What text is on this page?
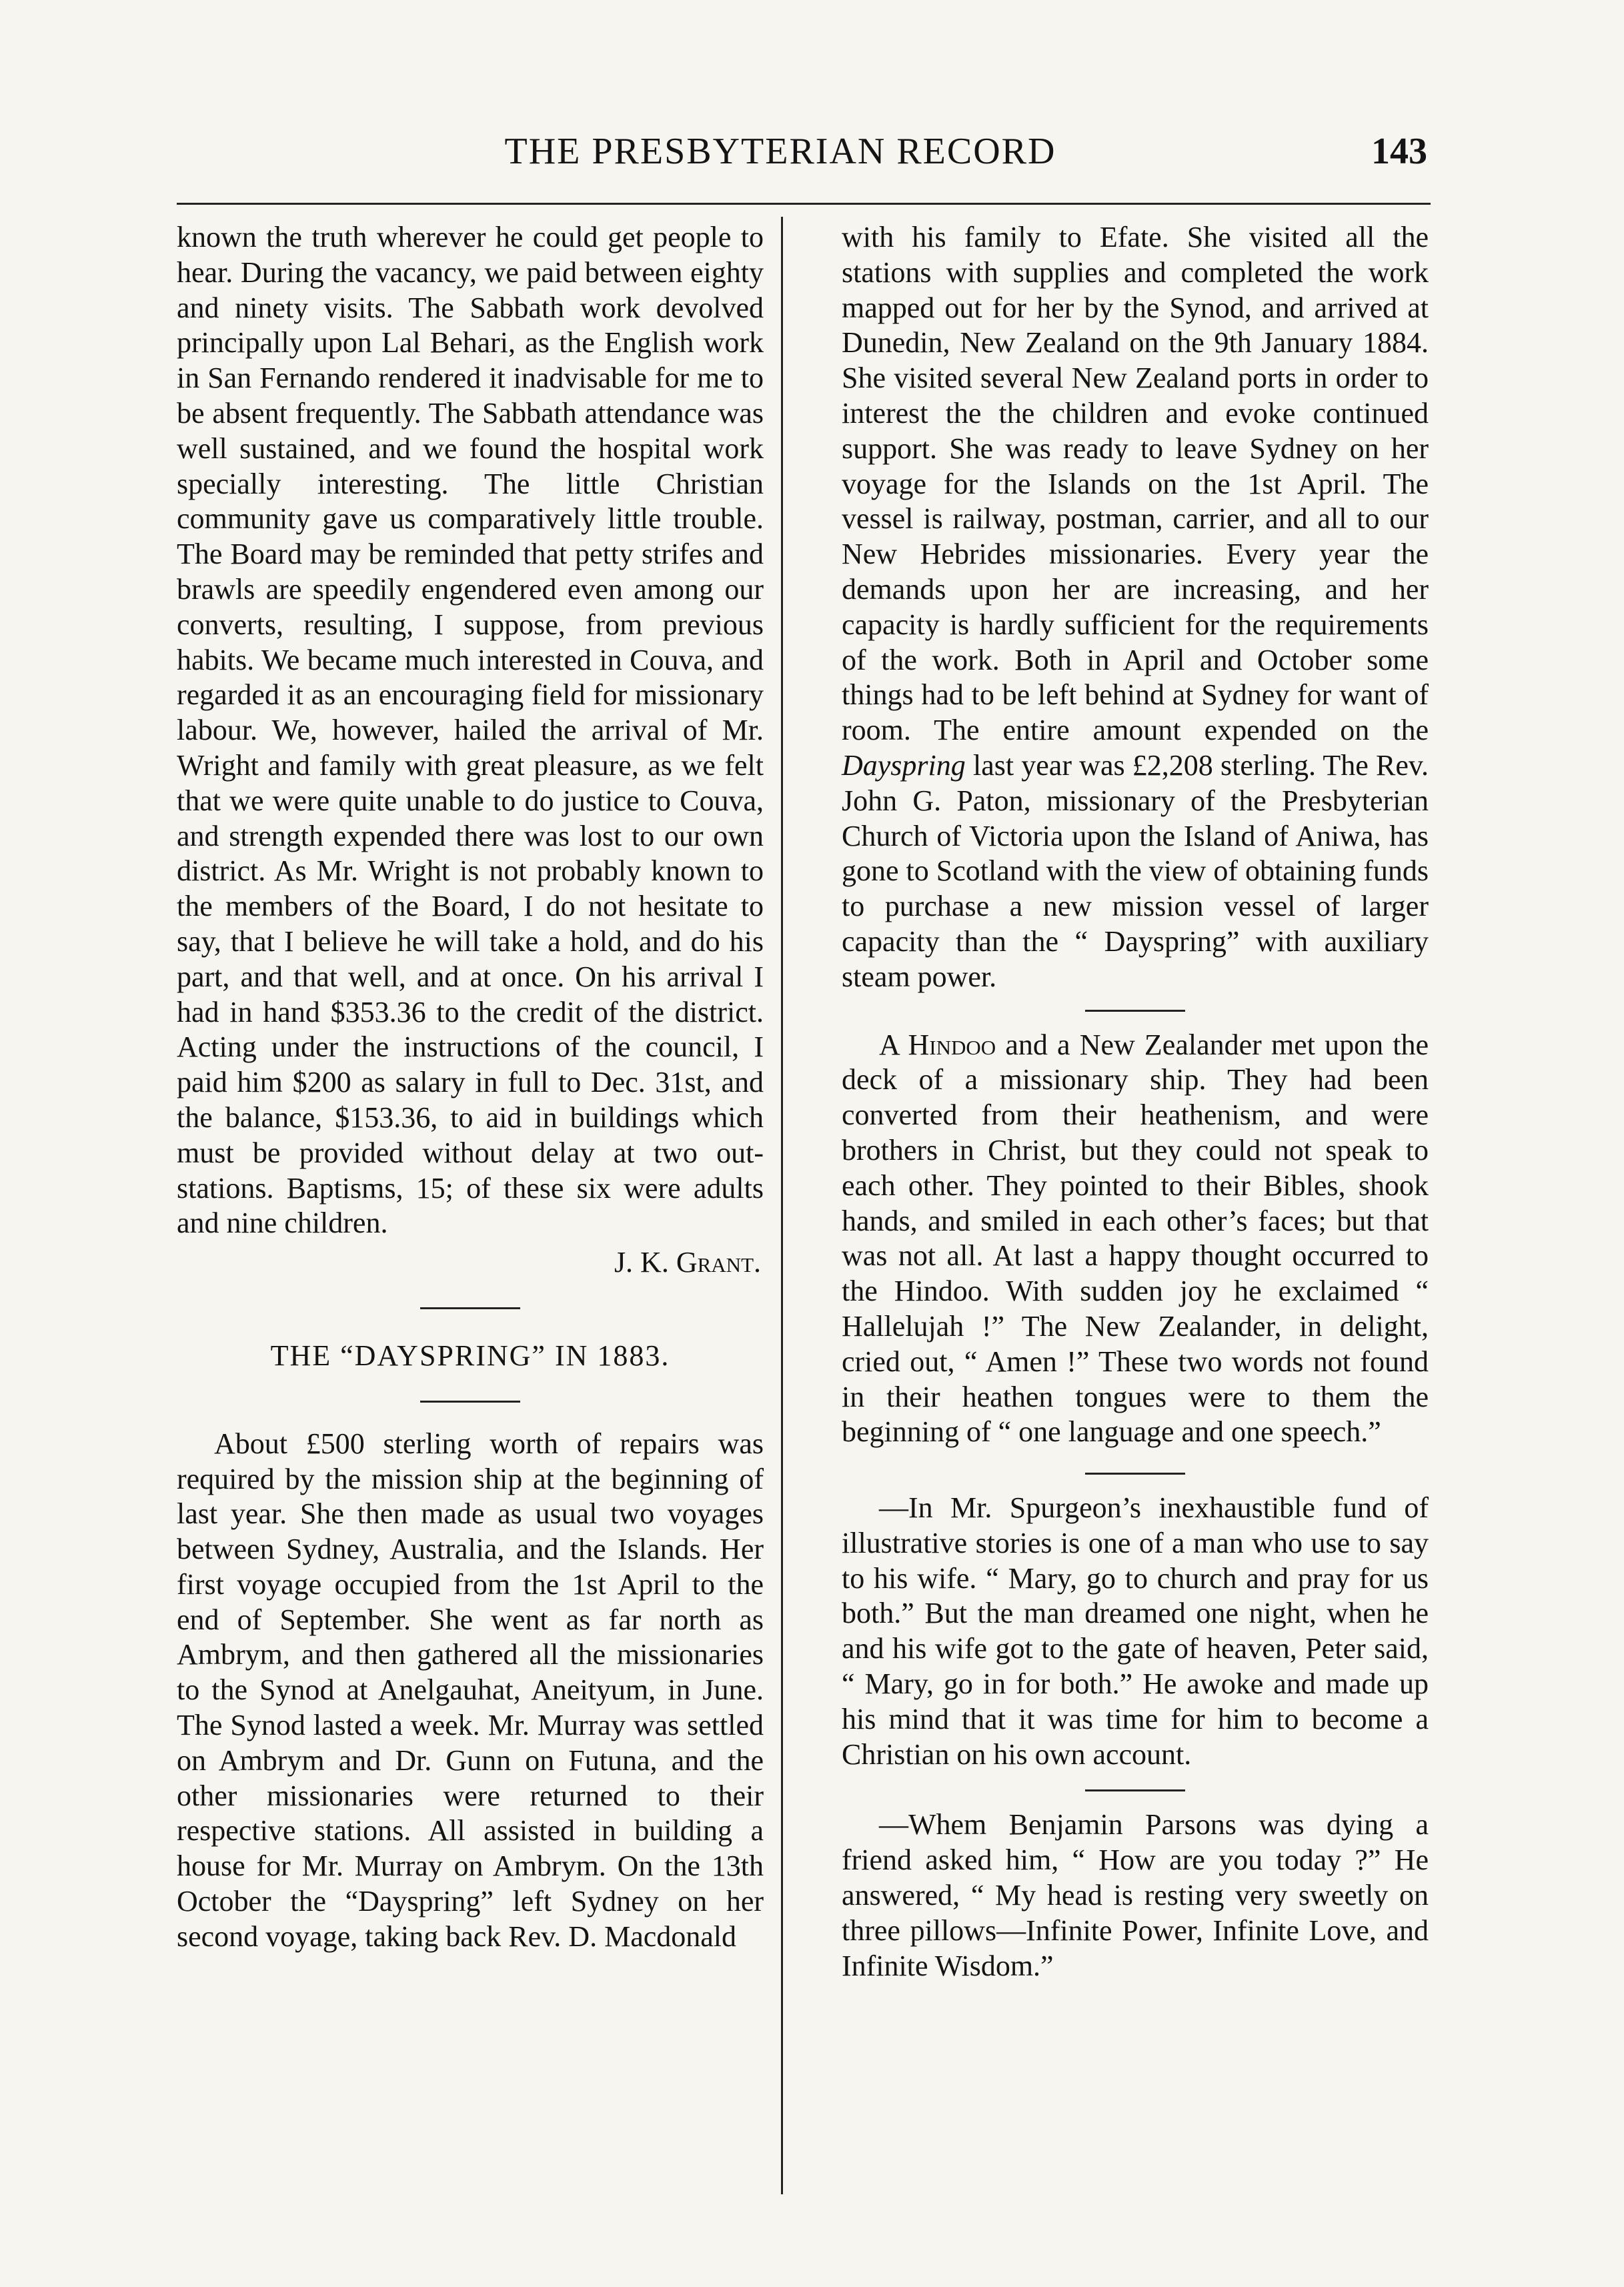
THE PRESBYTERIAN RECORD	143

known the truth wherever he could get people to hear. During the vacancy, we paid between eighty and ninety visits. The Sabbath work devolved principally upon Lal Behari, as the English work in San Fernando rendered it inadvisable for me to be absent frequently. The Sabbath attendance was well sustained, and we found the hospital work specially interesting. The little Christian community gave us comparatively little trouble. The Board may be reminded that petty strifes and brawls are speedily engendered even among our converts, resulting, I suppose, from previous habits. We became much interested in Couva, and regarded it as an encouraging field for missionary labour. We, however, hailed the arrival of Mr. Wright and family with great pleasure, as we felt that we were quite unable to do justice to Couva, and strength expended there was lost to our own district. As Mr. Wright is not probably known to the members of the Board, I do not hesitate to say, that I believe he will take a hold, and do his part, and that well, and at once. On his arrival I had in hand $353.36 to the credit of the district. Acting under the instructions of the council, I paid him $200 as salary in full to Dec. 31st, and the balance, $153.36, to aid in buildings which must be provided without delay at two out-stations. Baptisms, 15; of these six were adults and nine children.

J. K. Grant.

THE “DAYSPRING” IN 1883.

About £500 sterling worth of repairs was required by the mission ship at the beginning of last year. She then made as usual two voyages between Sydney, Australia, and the Islands. Her first voyage occupied from the 1st April to the end of September. She went as far north as Ambrym, and then gathered all the missionaries to the Synod at Anelgauhat, Aneityum, in June. The Synod lasted a week. Mr. Murray was settled on Ambrym and Dr. Gunn on Futuna, and the other missionaries were returned to their respective stations. All assisted in building a house for Mr. Murray on Ambrym. On the 13th October the “Dayspring” left Sydney on her second voyage, taking back Rev. D. Macdonald

with his family to Efate. She visited all the stations with supplies and completed the work mapped out for her by the Synod, and arrived at Dunedin, New Zealand on the 9th January 1884. She visited several New Zealand ports in order to interest the the children and evoke continued support. She was ready to leave Sydney on her voyage for the Islands on the 1st April. The vessel is railway, postman, carrier, and all to our New Hebrides missionaries. Every year the demands upon her are increasing, and her capacity is hardly sufficient for the requirements of the work. Both in April and October some things had to be left behind at Sydney for want of room. The entire amount expended on the Dayspring last year was £2,208 sterling. The Rev. John G. Paton, missionary of the Presbyterian Church of Victoria upon the Island of Aniwa, has gone to Scotland with the view of obtaining funds to purchase a new mission vessel of larger capacity than the “ Dayspring” with auxiliary steam power.

A Hindoo and a New Zealander met upon the deck of a missionary ship. They had been converted from their heathenism, and were brothers in Christ, but they could not speak to each other. They pointed to their Bibles, shook hands, and smiled in each other’s faces; but that was not all. At last a happy thought occurred to the Hindoo. With sudden joy he exclaimed “ Hallelujah !” The New Zealander, in delight, cried out, “ Amen !” These two words not found in their heathen tongues were to them the beginning of “ one language and one speech.”

—In Mr. Spurgeon’s inexhaustible fund of illustrative stories is one of a man who use to say to his wife. “ Mary, go to church and pray for us both.” But the man dreamed one night, when he and his wife got to the gate of heaven, Peter said, “ Mary, go in for both.” He awoke and made up his mind that it was time for him to become a Christian on his own account.

—Whem Benjamin Parsons was dying a friend asked him, “ How are you today ?” He answered, “ My head is resting very sweetly on three pillows—Infinite Power, Infinite Love, and Infinite Wisdom.”
